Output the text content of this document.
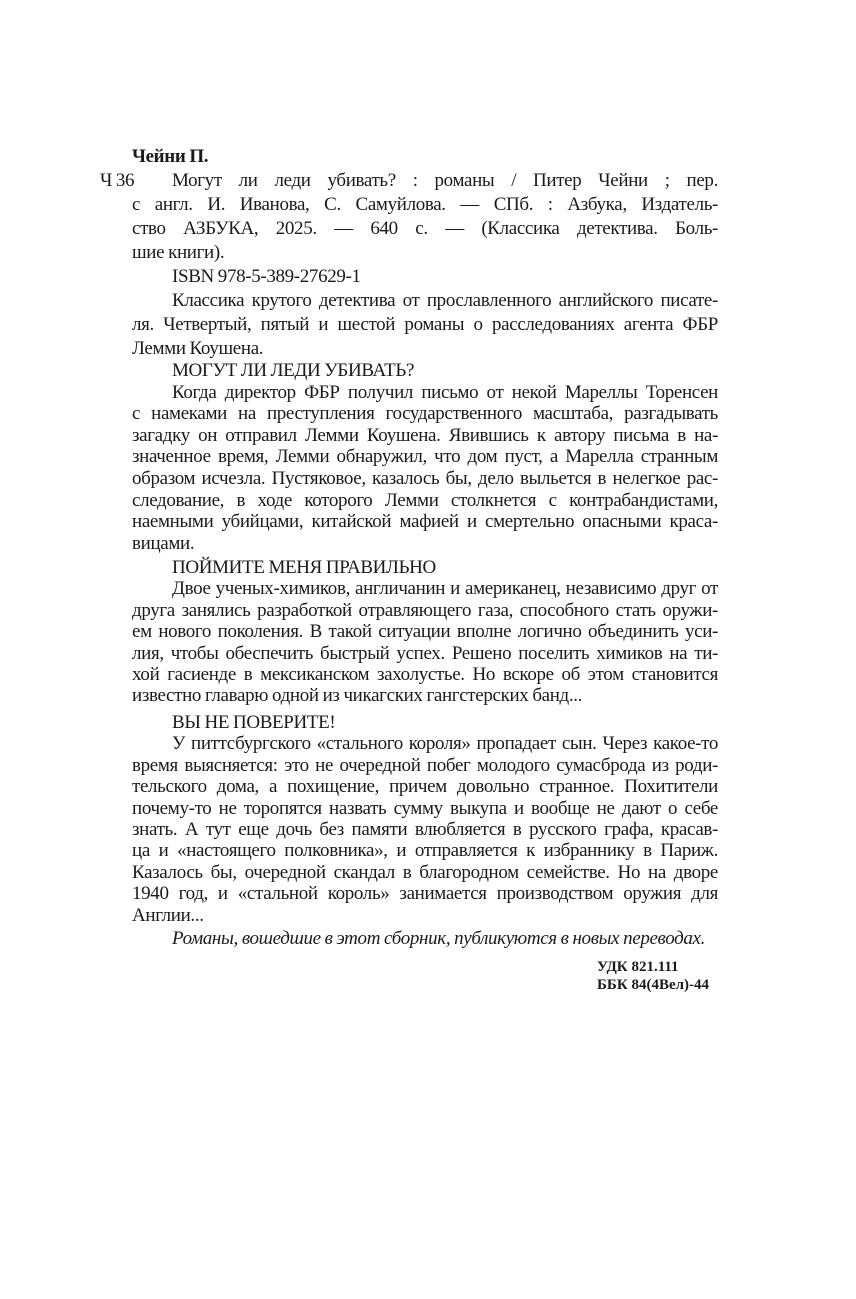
Чейни П.
Ч 36 Могут ли леди убивать? : романы / Питер Чейни ; пер.
с англ. И. Иванова, С. Самуйлова. — СПб. : Азбука, Издатель-
ство АЗБУКА, 2025. — 640 с. — (Классика детектива. Боль-
шие книги).
ISBN 978-5-389-27629-1
Классика крутого детектива от прославленного английского писате-
ля. Четвертый, пятый и шестой романы о расследованиях агента ФБР
Лемми Коушена.
МОГУТ ЛИ ЛЕДИ УБИВАТЬ?
Когда директор ФБР получил письмо от некой Мареллы Торенсен
с намеками на преступления государственного масштаба, разгадывать
загадку он отправил Лемми Коушена. Явившись к автору письма в на-
значенное время, Лемми обнаружил, что дом пуст, а Марелла странным
образом исчезла. Пустяковое, казалось бы, дело выльется в нелегкое рас-
следование, в ходе которого Лемми столкнется с контрабандистами,
наемными убийцами, китайской мафией и смертельно опасными краса-
вицами.
ПОЙМИТЕ МЕНЯ ПРАВИЛЬНО
Двое ученых-химиков, англичанин и американец, независимо друг от
друга занялись разработкой отравляющего газа, способного стать оружи-
ем нового поколения. В такой ситуации вполне логично объединить уси-
лия, чтобы обеспечить быстрый успех. Решено поселить химиков на ти-
хой гасиенде в мексиканском захолустье. Но вскоре об этом становится
известно главарю одной из чикагских гангстерских банд...
ВЫ НЕ ПОВЕРИТЕ!
У питтсбургского «стального короля» пропадает сын. Через какое-то
время выясняется: это не очередной побег молодого сумасброда из роди-
тельского дома, а похищение, причем довольно странное. Похитители
почему-то не торопятся назвать сумму выкупа и вообще не дают о себе
знать. А тут еще дочь без памяти влюбляется в русского графа, красав-
ца и «настоящего полковника», и отправляется к избраннику в Париж.
Казалось бы, очередной скандал в благородном семействе. Но на дворе
1940 год, и «стальной король» занимается производством оружия для
Англии...
Романы, вошедшие в этот сборник, публикуются в новых переводах.
УДК 821.111
ББК 84(4Вел)-44
